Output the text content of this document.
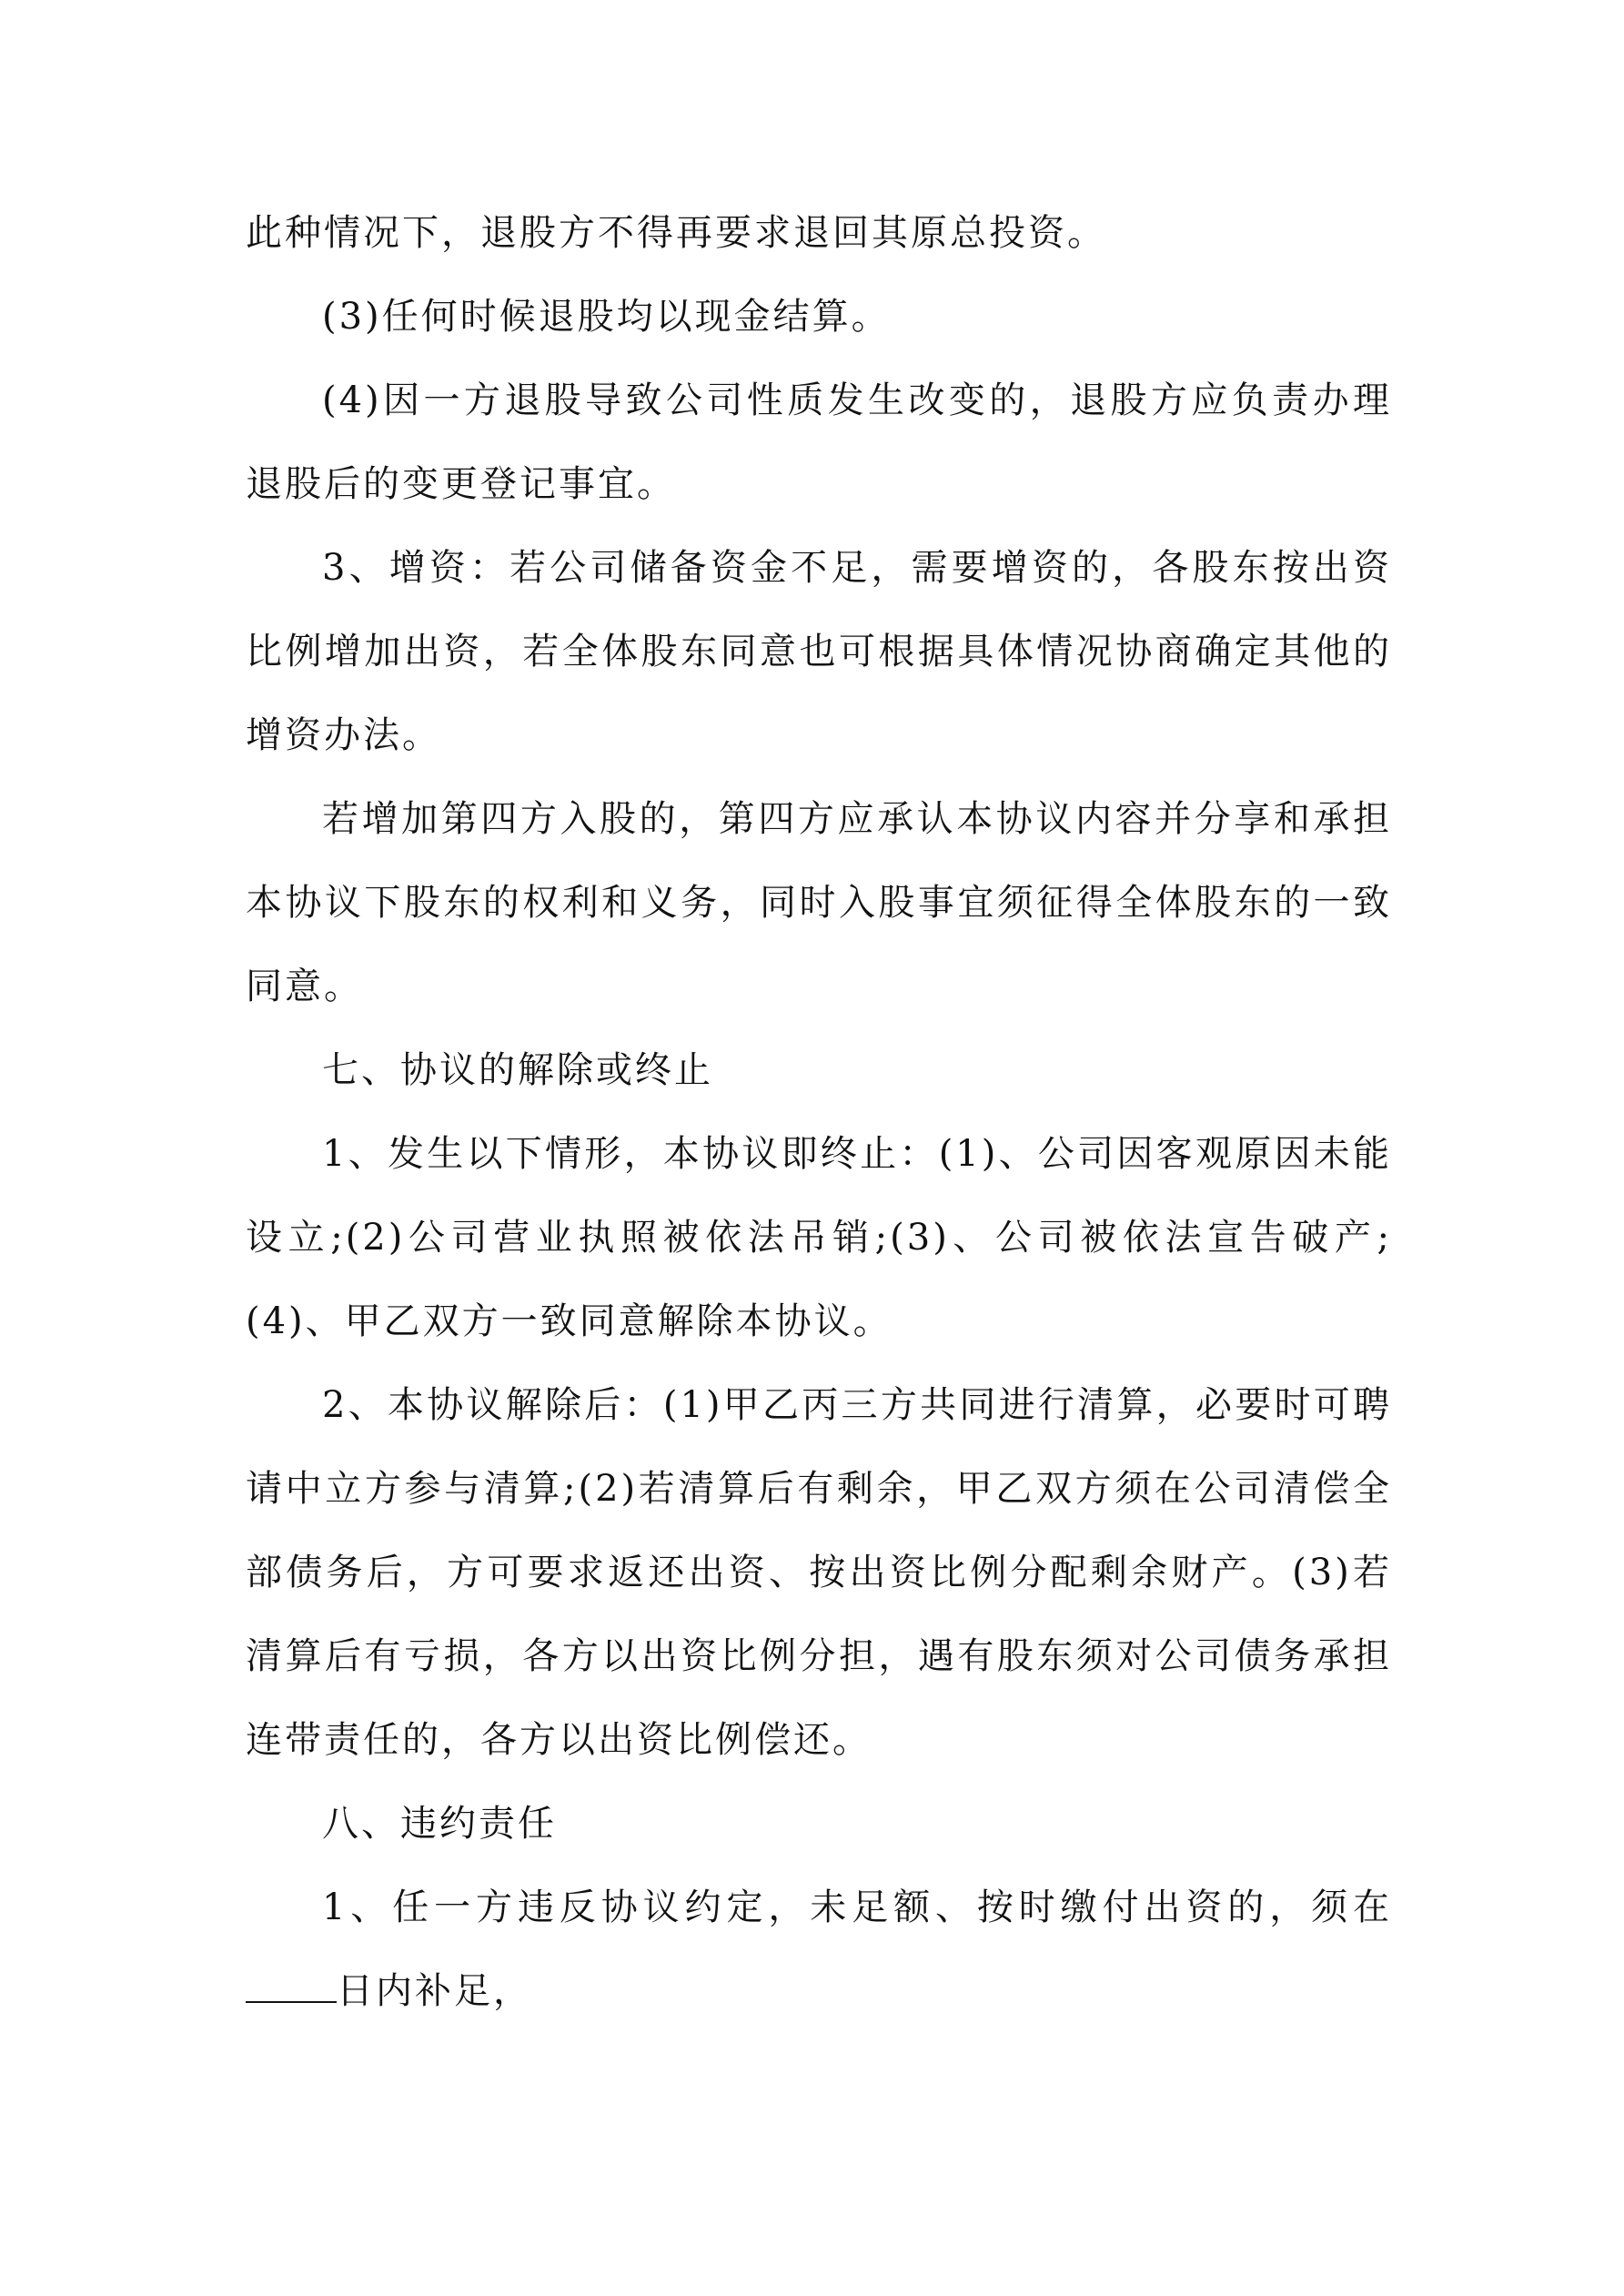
此种情况下，退股方不得再要求退回其原总投资。

(3)任何时候退股均以现金结算。

(4)因一方退股导致公司性质发生改变的，退股方应负责办理退股后的变更登记事宜。

3、增资：若公司储备资金不足，需要增资的，各股东按出资比例增加出资，若全体股东同意也可根据具体情况协商确定其他的增资办法。

若增加第四方入股的，第四方应承认本协议内容并分享和承担本协议下股东的权利和义务，同时入股事宜须征得全体股东的一致同意。

七、协议的解除或终止

1、发生以下情形，本协议即终止：(1)、公司因客观原因未能设立;(2)公司营业执照被依法吊销;(3)、公司被依法宣告破产;(4)、甲乙双方一致同意解除本协议。

2、本协议解除后：(1)甲乙丙三方共同进行清算，必要时可聘请中立方参与清算;(2)若清算后有剩余，甲乙双方须在公司清偿全部债务后，方可要求返还出资、按出资比例分配剩余财产。(3)若清算后有亏损，各方以出资比例分担，遇有股东须对公司债务承担连带责任的，各方以出资比例偿还。

八、违约责任

1、任一方违反协议约定，未足额、按时缴付出资的，须在日内补足，
